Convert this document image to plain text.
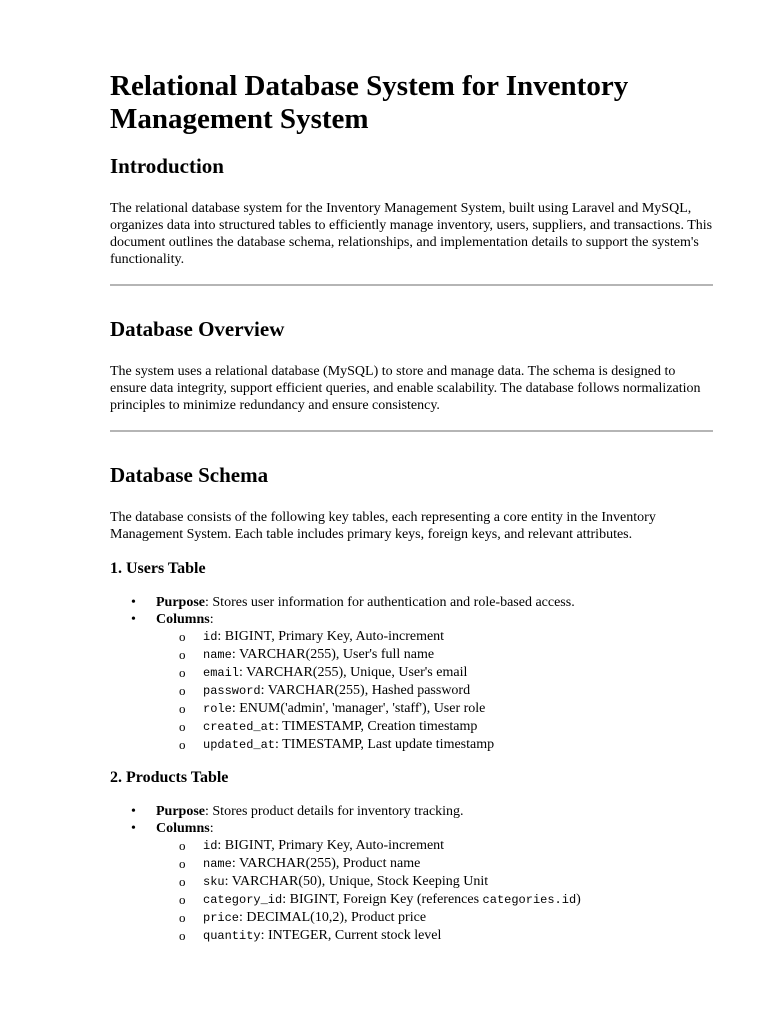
Relational Database System for Inventory Management System
Introduction

The relational database system for the Inventory Management System, built using Laravel and MySQL, organizes data into structured tables to efficiently manage inventory, users, suppliers, and transactions. This document outlines the database schema, relationships, and implementation details to support the system's functionality.

Database Overview

The system uses a relational database (MySQL) to store and manage data. The schema is designed to ensure data integrity, support efficient queries, and enable scalability. The database follows normalization principles to minimize redundancy and ensure consistency.

Database Schema

The database consists of the following key tables, each representing a core entity in the Inventory Management System. Each table includes primary keys, foreign keys, and relevant attributes.

1. Users Table
• Purpose: Stores user information for authentication and role-based access.
• Columns:
o id: BIGINT, Primary Key, Auto-increment
o name: VARCHAR(255), User's full name
o email: VARCHAR(255), Unique, User's email
o password: VARCHAR(255), Hashed password
o role: ENUM('admin', 'manager', 'staff'), User role
o created_at: TIMESTAMP, Creation timestamp
o updated_at: TIMESTAMP, Last update timestamp
2. Products Table
• Purpose: Stores product details for inventory tracking.
• Columns:
o id: BIGINT, Primary Key, Auto-increment
o name: VARCHAR(255), Product name
o sku: VARCHAR(50), Unique, Stock Keeping Unit
o category_id: BIGINT, Foreign Key (references categories.id)
o price: DECIMAL(10,2), Product price
o quantity: INTEGER, Current stock level
